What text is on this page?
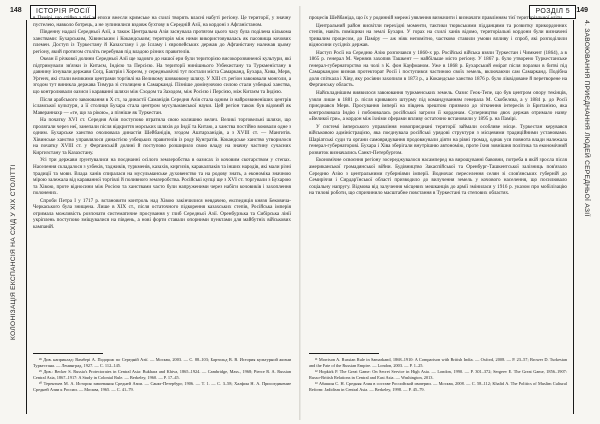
148	ІСТОРІЯ РОСІЇ
КОЛОНІЗАЦІЯ ЕКСПАНСІЯ НА СХІД У XIX СТОЛІТТІ

в Памірі, що стійко з тієї ж епохи внесли кримське на схилі творять власні набуті регіону. Це території, у значну пустелею, навколо ботрець, а не зупинилися вздовж бухтову в Середній Азії, на кордоні з Афганістаном.

Південну надалі Середньої Азії, а також Центральна Азія заснувала протягом цього часу була поділена кількома ханствами: Бухарським, Хівинським і Кокандським; територія між ними використовувалась як пасовища кочових племен. Доступ із Туркестану й Казахстану і до Ісламу і європейських держав до Афганістану належав цьому регіону, який протягом століть перебував під владою різних правителів.

Океан її річкової долини Середньої Азії ще задовго до нашої ери були територією високорозвиненої культури, які підтримували зв'язки із Китаєм, Індією та Персією. На території нинішнього Узбекистану та Туркменістану в давнину існували держави Согд, Бактрія і Хорезм, у середньовіччі тут постали міста Самарканд, Бухара, Хива, Мерв, Ургенч, які стали великими центрами торгівлі на Великому шовковому шляху. У XIII ст. регіон завоювали монголи, а згодом тут виникла держава Тимура зі столицею в Самарканді. Пізніше домінуючою силою стали узбецькі ханства, що контролювали оазиси і караванні шляхи між Сходом та Заходом, між Росією і Персією, між Китаєм та Індією.

Після арабського завоювання в X ст., за династії Саманідів Середня Азія стала одним із найрозвиненіших центрів ісламської культури, а її столиця Бухара стала центром мусульманської науки. Цей регіон також був відомий як Мавераннахр — «те, що за рікою», а пізніше як Туркестан.

На початку XVI ст. Середня Азія поступово втратила свою колишню велич. Великі торговельні шляхи, що пролягали через неї, занепали після відкриття морських шляхів до Індії та Китаю, а ханства постійно воювали одне з одним. Бухарське ханство очолювала династія Шейбанідів, згодом Аштарханідів, а з XVIII ст. — Мангитів. Хівинське ханство управлялося династією узбецьких правителів із роду Кунгратів. Кокандське ханство утворилося на початку XVIII ст. у Ферганській долині й поступово розширило свою владу на значну частину сучасних Киргизстану та Казахстану.

Усі три держави ґрунтувалися на поєднанні осілого землеробства в оазисах із кочовим скотарством у степах. Населення складалося з узбеків, таджиків, туркменів, казахів, киргизів, каракалпаків та інших народів, які мали різні традиції та мови. Влада ханів спиралася на мусульманське духовенство та на родову знать, а економіка значною мірою залежала від караванної торгівлі й поливного землеробства. Російські купці ще з XVI ст. торгували з Бухарою та Хівою, проте відносини між Росією та ханствами часто були напруженими через набіги кочовиків і захоплення полонених.

Спроби Петра I у 1717 р. встановити контроль над Хівою закінчилися невдачею, експедиція князя Бековича-Черкаського була знищена. Лише в XIX ст., після остаточного підкорення казахських степів, Російська імперія отримала можливість розпочати систематичне просування у глиб Середньої Азії. Оренбурзька та Сибірська лінії укріплень поступово зміщувалися на південь, а нові форти ставали опорними пунктами для майбутніх військових кампаній.

²⁸ Див. наприклад: Вамбері А. Подорож по Середній Азії. — Москва, 2003. — С. 88–103; Бартольд В. В. История культурной жизни Туркестана. — Ленинград, 1927. — С. 112–145.

²⁹ Див.: Becker S. Russia's Protectorates in Central Asia: Bukhara and Khiva, 1865–1924. — Cambridge, Mass., 1968; Pierce R. A. Russian Central Asia, 1867–1917: A Study in Colonial Rule. — Berkeley, 1960. — P. 17–45.

³⁰ Терентьев М. А. История завоевания Средней Азии. — Санкт-Петербург, 1906. — Т. 1. — С. 3–58; Халфин Н. А. Присоединение Средней Азии к России. — Москва, 1965. — С. 41–79.

149
РОЗДІЛ 5
4. ЗАВОЮВАННЯ ПРИЄДНАННЯ ЛЮДЕЙ СЕРЕДНЬОЇ АЗІЇ

процесів Шейбаніда, що їх у родинній мережі уявлення визначити і визначати правлінням тієї територіальної еліти.

Центральний район висвітли перехідні моменти, тактики тюркськими підданцями та розвитку прикордонних степів, навіть поміщики на землі Бухари. У горах на схилі ханів відомо, територіальні кордони були визначені тривалим процесом, до Паміру — аж ніяк непомітно, частково ставили умови впливу і спроб, які розподілили відносини сусідніх держав.

Наступ Росії на Середню Азію розпочався у 1860-х рр. Російські війська взяли Туркестан і Чимкент (1864), а в 1865 р. генерал М. Черняєв захопив Ташкент — найбільше місто регіону. У 1867 р. було утворено Туркестанське генерал-губернаторство на чолі з К. фон Кауфманом. Уже в 1868 р. Бухарський емірат після поразки в битві під Самаркандом визнав протекторат Росії і поступився частиною своїх земель, включаючи сам Самарканд. Подібна доля спіткала і Хіву, яку росіяни захопили в 1873 р., а Кокандське ханство 1876 р. було ліквідоване й перетворене на Ферганську область.

Найскладнішим виявилося завоювання туркменських земель. Оазис Геок-Тепе, що був центром опору текінців, узяли лише в 1881 р. після кривавого штурму під командуванням генерала М. Скобелєва, а у 1884 р. до Росії приєднався Мерв. Просування імперії на південь зрештою призвело до зіткнення інтересів із Британією, яка контролювала Індію і побоювалась російської загрози її кордонам. Суперництво двох держав отримало назву «Великої гри», а кордон між їхніми сферами впливу остаточно встановили у 1895 р. на Памірі.

У системі імперського управління новоприєднані території займали особливе місце. Туркестан керувався військовою адміністрацією, яка поєднувала російські урядові структури з місцевими традиційними установами. Шаріатські суди та органи самоврядування продовжували діяти на рівні громад, однак уся повнота влади належала генерал-губернаторові. Бухара і Хіва зберігали внутрішню автономію, проте їхня зовнішня політика та економічний розвиток визначались Санкт-Петербургом.

Економічне освоєння регіону зосереджувалося насамперед на вирощуванні бавовни, потреба в якій зросла після американської громадянської війни. Будівництво Закаспійської та Оренбург-Ташкентської залізниць пов'язало Середню Азію з центральними губерніями імперії. Водночас переселення селян зі слов'янських губерній до Семиріччя і Сирдар'їнської області призводило до вилучення земель у кочового населення, що посилювало соціальну напругу. Відмова від залучення місцевих мешканців до армії змінилася у 1916 р. указом про мобілізацію на тилові роботи, що спричинило масштабне повстання в Туркестані та степових областях.

³¹ Morrison A. Russian Rule in Samarkand, 1868–1910: A Comparison with British India. — Oxford, 2008. — P. 23–57; Brower D. Turkestan and the Fate of the Russian Empire. — London, 2003. — P. 1–25.

³² Hopkirk P. The Great Game: On Secret Service in High Asia. — London, 1990. — P. 301–372; Sergeev E. The Great Game, 1856–1907: Russo-British Relations in Central and East Asia. — Washington, 2013.

³³ Абашин С. Н. Средняя Азия в составе Российской империи. — Москва, 2008. — С. 58–112; Khalid A. The Politics of Muslim Cultural Reform: Jadidism in Central Asia. — Berkeley, 1998. — P. 45–79.
